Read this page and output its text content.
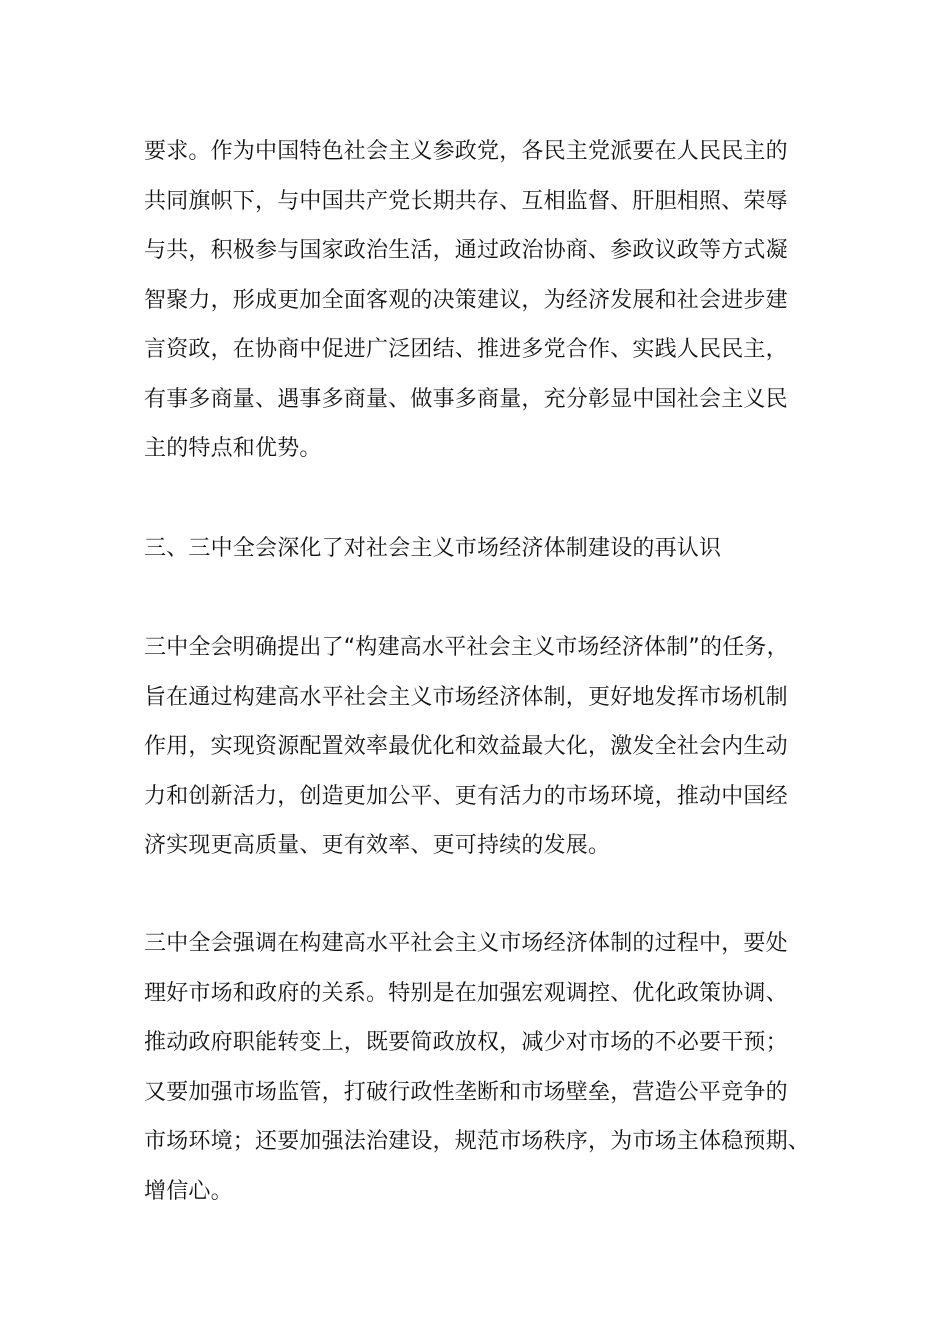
要求。作为中国特色社会主义参政党，各民主党派要在人民民主的
共同旗帜下，与中国共产党长期共存、互相监督、肝胆相照、荣辱
与共，积极参与国家政治生活，通过政治协商、参政议政等方式凝
智聚力，形成更加全面客观的决策建议，为经济发展和社会进步建
言资政，在协商中促进广泛团结、推进多党合作、实践人民民主，
有事多商量、遇事多商量、做事多商量，充分彰显中国社会主义民
主的特点和优势。
三、三中全会深化了对社会主义市场经济体制建设的再认识
三中全会明确提出了“构建高水平社会主义市场经济体制”的任务，
旨在通过构建高水平社会主义市场经济体制，更好地发挥市场机制
作用，实现资源配置效率最优化和效益最大化，激发全社会内生动
力和创新活力，创造更加公平、更有活力的市场环境，推动中国经
济实现更高质量、更有效率、更可持续的发展。
三中全会强调在构建高水平社会主义市场经济体制的过程中，要处
理好市场和政府的关系。特别是在加强宏观调控、优化政策协调、
推动政府职能转变上，既要简政放权，减少对市场的不必要干预；
又要加强市场监管，打破行政性垄断和市场壁垒，营造公平竞争的
市场环境；还要加强法治建设，规范市场秩序，为市场主体稳预期、
增信心。
